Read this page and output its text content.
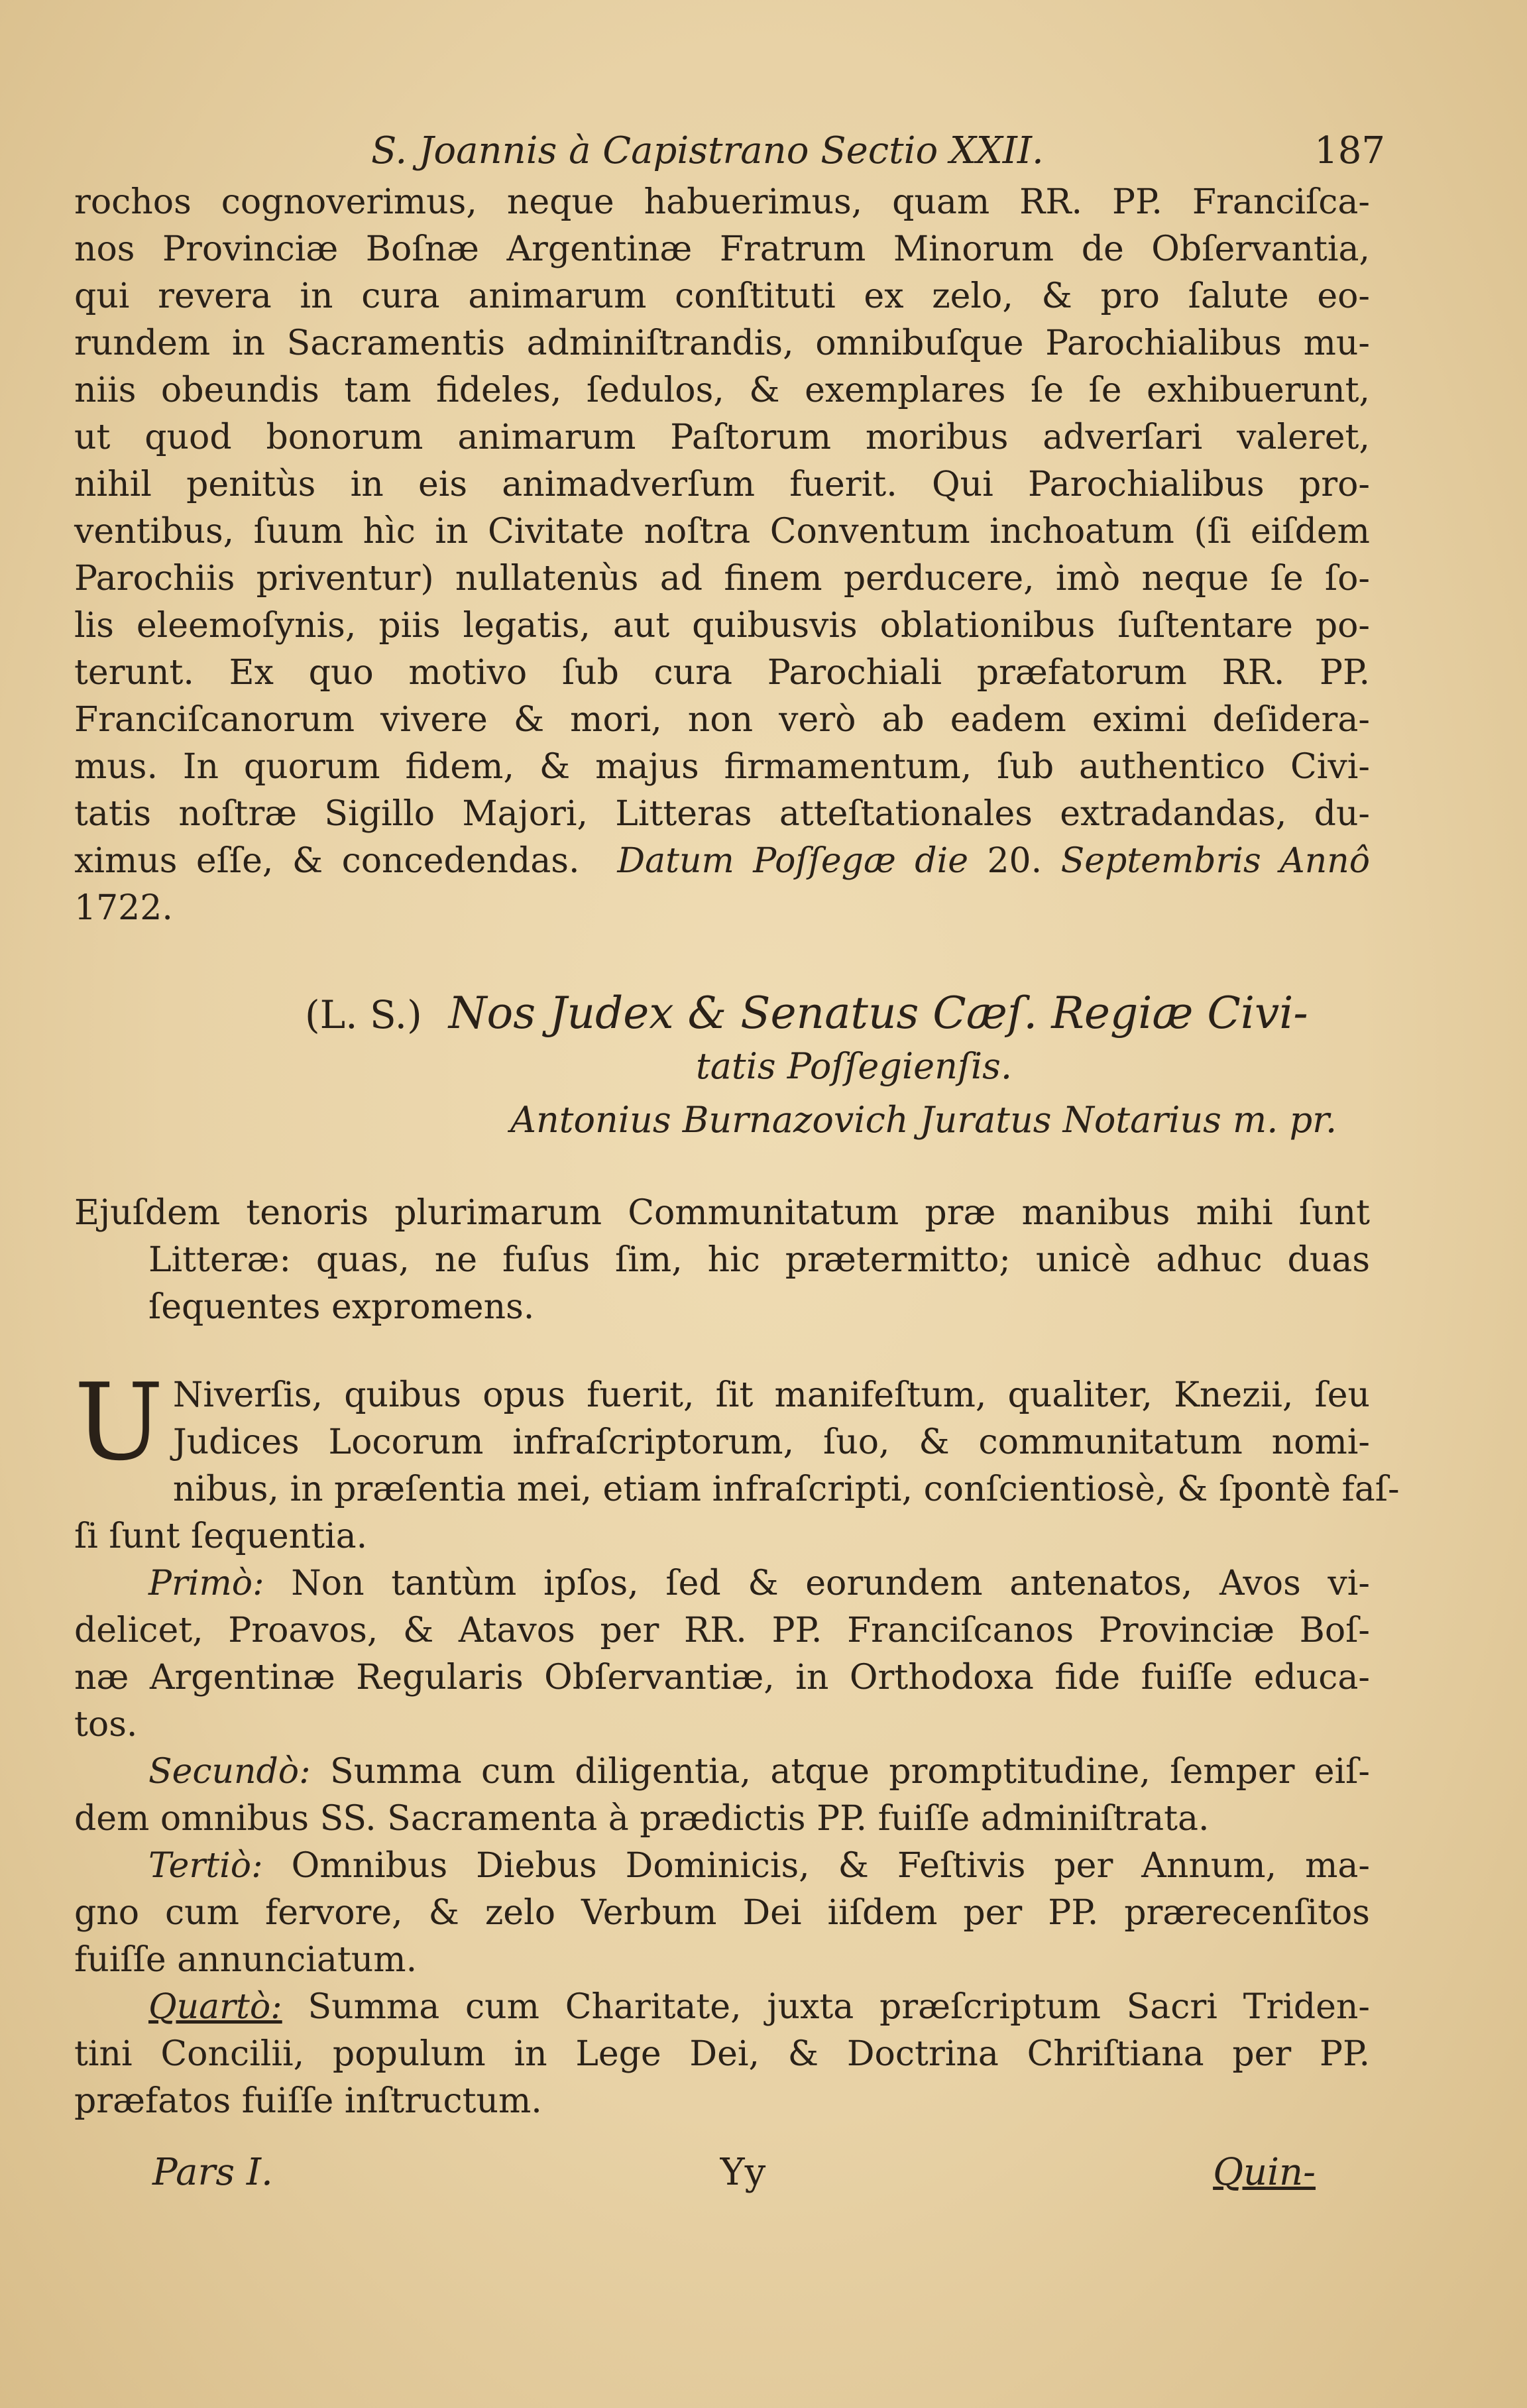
S. Joannis à Capistrano Sectio XXII.	187
rochos cognoverimus, neque habuerimus, quam RR. PP. Franciſca-
nos Provinciæ Boſnæ Argentinæ Fratrum Minorum de Obſervantia,
qui revera in cura animarum conſtituti ex zelo, & pro ſalute eo-
rundem in Sacramentis adminiſtrandis, omnibuſque Parochialibus mu-
niis obeundis tam fideles, ſedulos, & exemplares ſe ſe exhibuerunt,
ut quod bonorum animarum Paſtorum moribus adverſari valeret,
nihil penitùs in eis animadverſum fuerit. Qui Parochialibus pro-
ventibus, ſuum hìc in Civitate noſtra Conventum inchoatum (ſi eiſdem
Parochiis priventur) nullatenùs ad finem perducere, imò neque ſe ſo-
lis eleemoſynis, piis legatis, aut quibusvis oblationibus ſuſtentare po-
terunt. Ex quo motivo ſub cura Parochiali præfatorum RR. PP.
Franciſcanorum vivere & mori, non verò ab eadem eximi deſidera-
mus. In quorum fidem, & majus firmamentum, ſub authentico Civi-
tatis noſtræ Sigillo Majori, Litteras atteſtationales extradandas, du-
ximus eſſe, & concedendas. Datum Poſſegæ die 20. Septembris Annô
1722.
(L. S.) Nos Judex & Senatus Cæſ. Regiæ Civi-
tatis Poſſegienſis.
Antonius Burnazovich Juratus Notarius m. pr.
Ejuſdem tenoris plurimarum Communitatum præ manibus mihi ſunt
Litteræ: quas, ne fuſus ſim, hic prætermitto; unicè adhuc duas
ſequentes expromens.
U Niverſis, quibus opus fuerit, ſit manifeſtum, qualiter, Knezii, ſeu
Judices Locorum infraſcriptorum, ſuo, & communitatum nomi-
nibus, in præſentia mei, etiam infraſcripti, conſcientiosè, & ſpontè faſ-
ſi ſunt ſequentia.
Primò: Non tantùm ipſos, ſed & eorundem antenatos, Avos vi-
delicet, Proavos, & Atavos per RR. PP. Franciſcanos Provinciæ Boſ-
næ Argentinæ Regularis Obſervantiæ, in Orthodoxa fide fuiſſe educa-
tos.
Secundò: Summa cum diligentia, atque promptitudine, ſemper eiſ-
dem omnibus SS. Sacramenta à prædictis PP. fuiſſe adminiſtrata.
Tertiò: Omnibus Diebus Dominicis, & Feſtivis per Annum, ma-
gno cum fervore, & zelo Verbum Dei iiſdem per PP. prærecenſitos
fuiſſe annunciatum.
Quartò: Summa cum Charitate, juxta præſcriptum Sacri Triden-
tini Concilii, populum in Lege Dei, & Doctrina Chriſtiana per PP.
præfatos fuiſſe inſtructum.
Pars I.	Yy	Quin-
